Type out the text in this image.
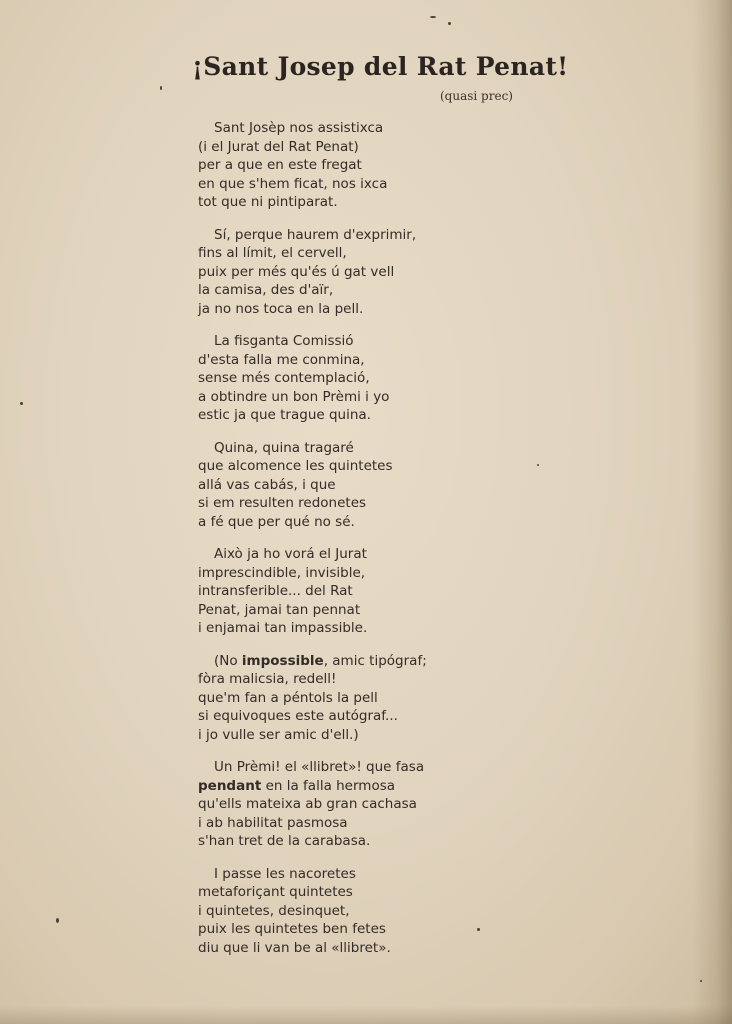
¡Sant Josep del Rat Penat!
(quasi prec)
Sant Josèp nos assistixca
(i el Jurat del Rat Penat)
per a que en este fregat
en que s'hem ficat, nos ixca
tot que ni pintiparat.
Sí, perque haurem d'exprimir,
fins al límit, el cervell,
puix per més qu'és ú gat vell
la camisa, des d'aïr,
ja no nos toca en la pell.
La fisganta Comissió
d'esta falla me conmina,
sense més contemplació,
a obtindre un bon Prèmi i yo
estic ja que trague quina.
Quina, quina tragaré
que alcomence les quintetes
allá vas cabás, i que
si em resulten redonetes
a fé que per qué no sé.
Això ja ho vorá el Jurat
imprescindible, invisible,
intransferible... del Rat
Penat, jamai tan pennat
i enjamai tan impassible.
(No impossible, amic tipógraf;
fòra malicsia, redell!
que'm fan a péntols la pell
si equivoques este autógraf...
i jo vulle ser amic d'ell.)
Un Prèmi! el «llibret»! que fasa
pendant en la falla hermosa
qu'ells mateixa ab gran cachasa
i ab habilitat pasmosa
s'han tret de la carabasa.
I passe les nacoretes
metaforiçant quintetes
i quintetes, desinquet,
puix les quintetes ben fetes
diu que li van be al «llibret».
